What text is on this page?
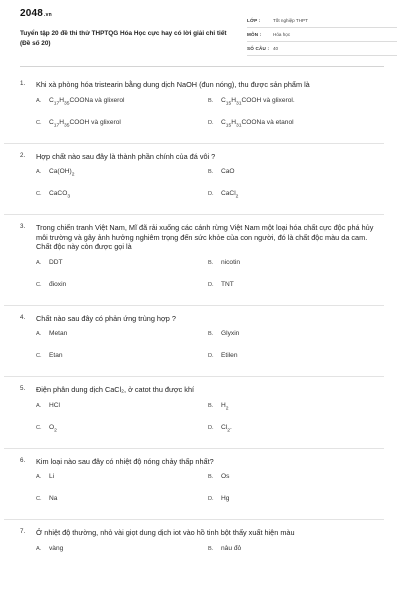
2048.vn
Tuyển tập 20 đề thi thử THPTQG Hóa Học cực hay có lời giải chi tiết (Đề số 20)
LỚP :	Tốt nghiệp THPT
MÔN :	Hóa học
SỐ CÂU : 40
1. Khi xà phòng hóa tristearin bằng dung dịch NaOH (đun nóng), thu được sản phẩm là
A.	$C_{17}H_{35}COONa$ và glixerol	B.	$C_{15}H_{31}COOH$ và glixerol.
C.	$C_{17}H_{35}COOH$ và glixerol	D.	$C_{15}H_{31}COONa$ và etanol
2. Hợp chất nào sau đây là thành phần chính của đá vôi ?
A.	$Ca(OH)_2$	B.	CaO
C.	CaCO$_3$	D.	CaCl$_2$
3. Trong chiến tranh Việt Nam, Mĩ đã rải xuống các cánh rừng Việt Nam một loại hóa chất cực độc phá hủy môi trường và gây ảnh hưởng nghiêm trọng đến sức khỏe của con người, đó là chất độc màu da cam. Chất độc này còn được gọi là
A.	DDT	B.	nicotin
C.	đioxin	D.	TNT
4. Chất nào sau đây có phản ứng trùng hợp ?
A.	Metan	B.	Glyxin
C.	Etan	D.	Etilen
5. Điện phân dung dịch CaCl₂, ở catot thu được khí
A.	HCl	B.	$H_2$
C.	$O_2$	D.	$Cl_2$.
6. Kim loại nào sau đây có nhiệt độ nóng chảy thấp nhất?
A.	Li	B.	Os
C.	Na	D.	Hg
7. Ở nhiệt độ thường, nhỏ vài giọt dung dịch iot vào hồ tinh bột thấy xuất hiện màu
A.	vàng	B.	nâu đỏ
